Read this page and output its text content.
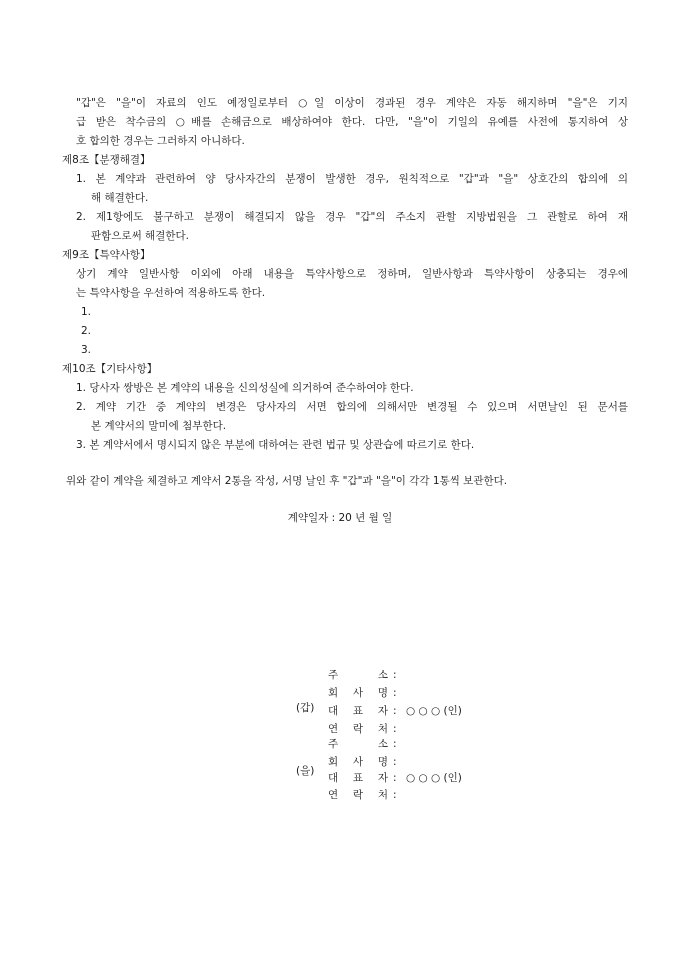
"갑"은 "을"이 자료의 인도 예정일로부터 ○일 이상이 경과된 경우 계약은 자동 해지하며 "을"은 기지
급 받은 착수금의 ○배를 손해금으로 배상하여야 한다. 다만, "을"이 기일의 유예를 사전에 통지하여 상
호 합의한 경우는 그러하지 아니하다.
제8조【분쟁해결】
1. 본 계약과 관련하여 양 당사자간의 분쟁이 발생한 경우, 원칙적으로 "갑"과 "을" 상호간의 합의에 의
해 해결한다.
2. 제1항에도 불구하고 분쟁이 해결되지 않을 경우 "갑"의 주소지 관할 지방법원을 그 관할로 하여 재
판함으로써 해결한다.
제9조【특약사항】
상기 계약 일반사항 이외에 아래 내용을 특약사항으로 정하며, 일반사항과 특약사항이 상충되는 경우에
는 특약사항을 우선하여 적용하도록 한다.
1.
2.
3.
제10조【기타사항】
1. 당사자 쌍방은 본 계약의 내용을 신의성실에 의거하여 준수하여야 한다.
2. 계약 기간 중 계약의 변경은 당사자의 서면 합의에 의해서만 변경될 수 있으며 서면날인 된 문서를
본 계약서의 말미에 첨부한다.
3. 본 계약서에서 명시되지 않은 부분에 대하여는 관련 법규 및 상관습에 따르기로 한다.
위와 같이 계약을 체결하고 계약서 2통을 작성, 서명 날인 후 "갑"과 "을"이 각각 1통씩 보관한다.
계약일자 : 20 년 월 일
(갑)
주 소 :
회 사 명 :
대 표 자 : ○ ○ ○ (인)
연 락 처 :
(을)
주 소 :
회 사 명 :
대 표 자 : ○ ○ ○ (인)
연 락 처 :
